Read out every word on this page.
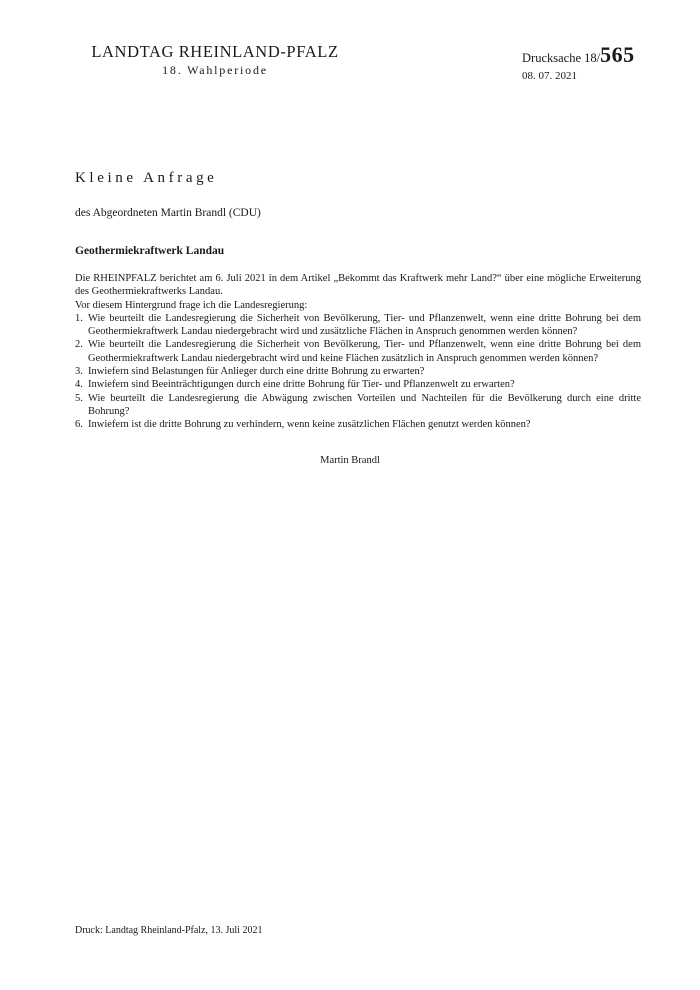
LANDTAG RHEINLAND-PFALZ

18. Wahlperiode

Drucksache 18/565
08. 07. 2021
Kleine Anfrage

des Abgeordneten Martin Brandl (CDU)

Geothermiekraftwerk Landau

Die RHEINPFALZ berichtet am 6. Juli 2021 in dem Artikel „Bekommt das Kraftwerk mehr Land?“ über eine mögliche Erweiterung des Geothermiekraftwerks Landau.

Vor diesem Hintergrund frage ich die Landesregierung:

1. Wie beurteilt die Landesregierung die Sicherheit von Bevölkerung, Tier- und Pflanzenwelt, wenn eine dritte Bohrung bei dem Geothermiekraftwerk Landau niedergebracht wird und zusätzliche Flächen in Anspruch genommen werden können?
2. Wie beurteilt die Landesregierung die Sicherheit von Bevölkerung, Tier- und Pflanzenwelt, wenn eine dritte Bohrung bei dem Geothermiekraftwerk Landau niedergebracht wird und keine Flächen zusätzlich in Anspruch genommen werden können?
3. Inwiefern sind Belastungen für Anlieger durch eine dritte Bohrung zu erwarten?
4. Inwiefern sind Beeinträchtigungen durch eine dritte Bohrung für Tier- und Pflanzenwelt zu erwarten?
5. Wie beurteilt die Landesregierung die Abwägung zwischen Vorteilen und Nachteilen für die Bevölkerung durch eine dritte Bohrung?
6. Inwiefern ist die dritte Bohrung zu verhindern, wenn keine zusätzlichen Flächen genutzt werden können?

Martin Brandl

Druck: Landtag Rheinland-Pfalz, 13. Juli 2021
